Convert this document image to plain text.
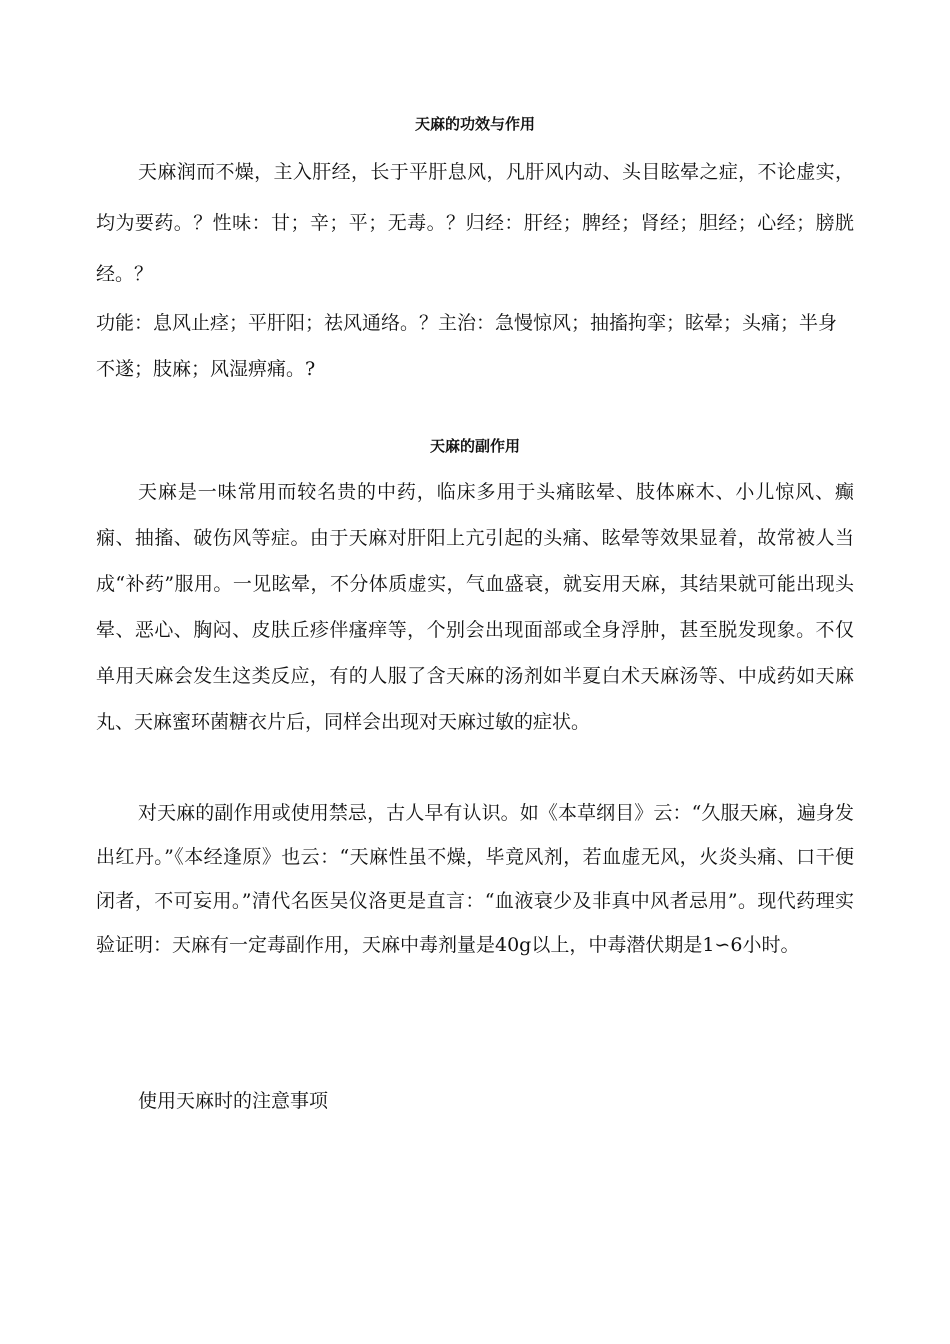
天麻的功效与作用

天麻润而不燥，主入肝经，长于平肝息风，凡肝风内动、头目眩晕之症，不论虚实，均为要药。？性味：甘；辛；平；无毒。？归经：肝经；脾经；肾经；胆经；心经；膀胱经。？

功能：息风止痉；平肝阳；祛风通络。？主治：急慢惊风；抽搐拘挛；眩晕；头痛；半身不遂；肢麻；风湿痹痛。?

天麻的副作用

天麻是一味常用而较名贵的中药，临床多用于头痛眩晕、肢体麻木、小儿惊风、癫痫、抽搐、破伤风等症。由于天麻对肝阳上亢引起的头痛、眩晕等效果显着，故常被人当成“补药”服用。一见眩晕，不分体质虚实，气血盛衰，就妄用天麻，其结果就可能出现头晕、恶心、胸闷、皮肤丘疹伴瘙痒等，个别会出现面部或全身浮肿，甚至脱发现象。不仅单用天麻会发生这类反应，有的人服了含天麻的汤剂如半夏白术天麻汤等、中成药如天麻丸、天麻蜜环菌糖衣片后，同样会出现对天麻过敏的症状。

对天麻的副作用或使用禁忌，古人早有认识。如《本草纲目》云：“久服天麻，遍身发出红丹。”《本经逢原》也云：“天麻性虽不燥，毕竟风剂，若血虚无风，火炎头痛、口干便闭者，不可妄用。”清代名医吴仪洛更是直言：“血液衰少及非真中风者忌用”。现代药理实验证明：天麻有一定毒副作用，天麻中毒剂量是40g以上，中毒潜伏期是1∽6小时。

使用天麻时的注意事项
